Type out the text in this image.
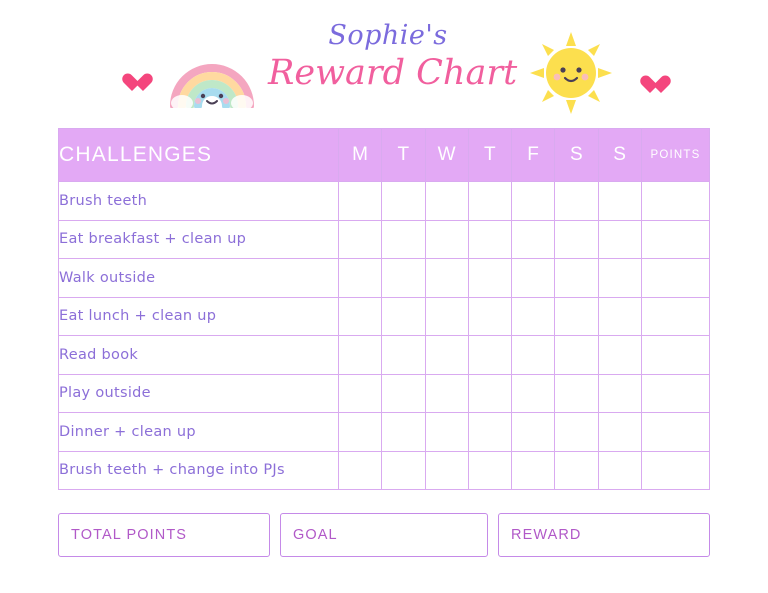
Sophie's
Reward Chart
CHALLENGES	M	T	W	T	F	S	S	POINTS
Brush teeth								
Eat breakfast + clean up								
Walk outside								
Eat lunch + clean up								
Read book								
Play outside								
Dinner + clean up								
Brush teeth + change into PJs								
TOTAL POINTS	GOAL	REWARD
